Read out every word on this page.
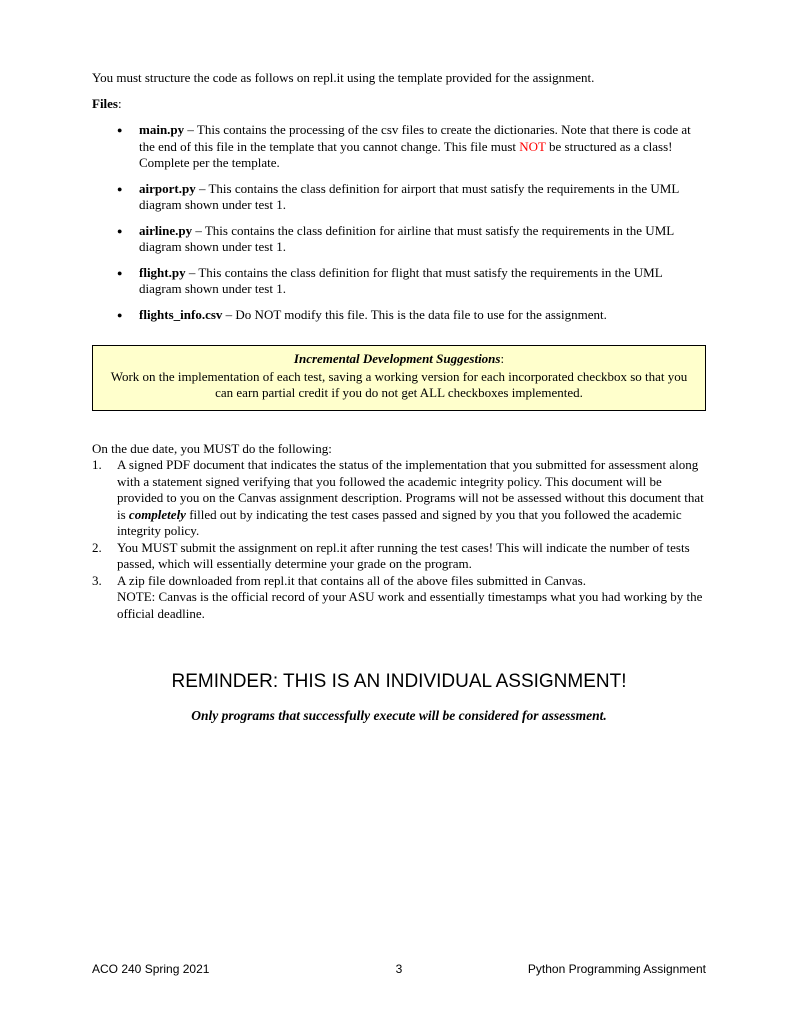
You must structure the code as follows on repl.it using the template provided for the assignment.

Files:

●
main.py – This contains the processing of the csv files to create the dictionaries. Note that there is code at the end of this file in the template that you cannot change. This file must NOT be structured as a class! Complete per the template.
●
airport.py – This contains the class definition for airport that must satisfy the requirements in the UML diagram shown under test 1.
●
airline.py – This contains the class definition for airline that must satisfy the requirements in the UML diagram shown under test 1.
●
flight.py – This contains the class definition for flight that must satisfy the requirements in the UML diagram shown under test 1.
●
flights_info.csv – Do NOT modify this file. This is the data file to use for the assignment.
Incremental Development Suggestions:
Work on the implementation of each test, saving a working version for each incorporated checkbox so that you can earn partial credit if you do not get ALL checkboxes implemented.

On the due date, you MUST do the following:

1.	A signed PDF document that indicates the status of the implementation that you submitted for assessment along with a statement signed verifying that you followed the academic integrity policy. This document will be provided to you on the Canvas assignment description. Programs will not be assessed without this document that is completely filled out by indicating the test cases passed and signed by you that you followed the academic integrity policy.
2.	You MUST submit the assignment on repl.it after running the test cases! This will indicate the number of tests passed, which will essentially determine your grade on the program.
3.	A zip file downloaded from repl.it that contains all of the above files submitted in Canvas.
NOTE: Canvas is the official record of your ASU work and essentially timestamps what you had working by the official deadline.
REMINDER: THIS IS AN INDIVIDUAL ASSIGNMENT!
Only programs that successfully execute will be considered for assessment.
ACO 240 Spring 2021	3	Python Programming Assignment
